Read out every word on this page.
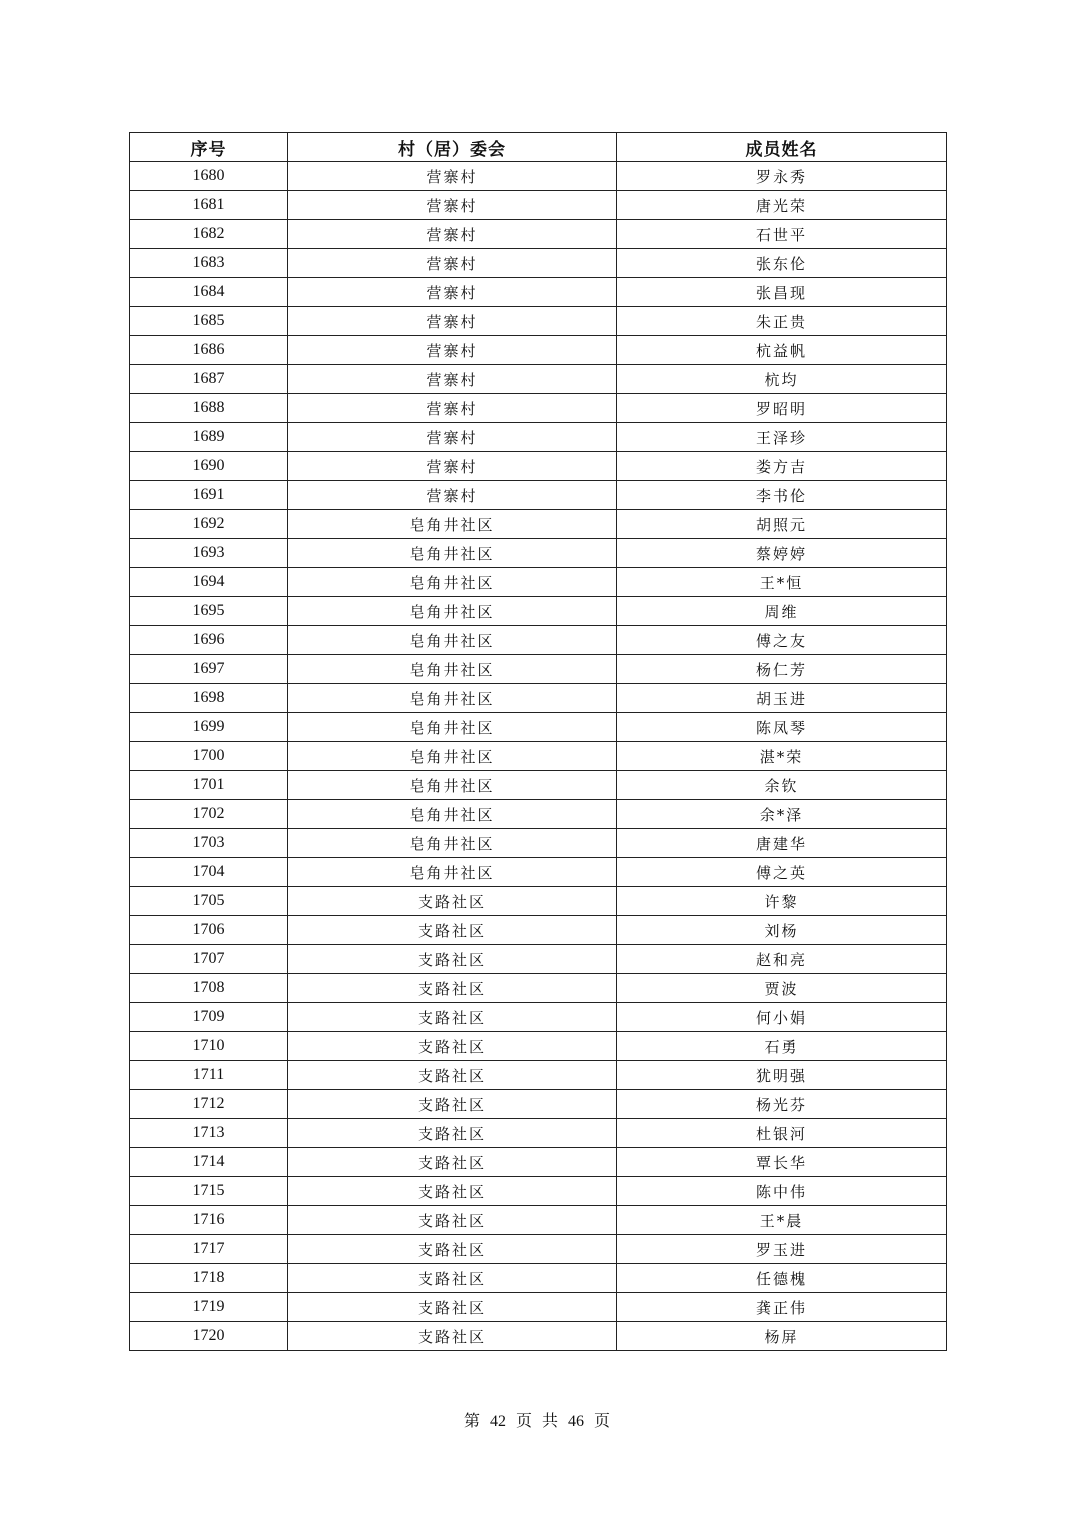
序号	村（居）委会	成员姓名
1680	营寨村	罗永秀
1681	营寨村	唐光荣
1682	营寨村	石世平
1683	营寨村	张东伦
1684	营寨村	张昌现
1685	营寨村	朱正贵
1686	营寨村	杭益帆
1687	营寨村	杭均
1688	营寨村	罗昭明
1689	营寨村	王泽珍
1690	营寨村	娄方吉
1691	营寨村	李书伦
1692	皂角井社区	胡照元
1693	皂角井社区	蔡婷婷
1694	皂角井社区	王*恒
1695	皂角井社区	周维
1696	皂角井社区	傅之友
1697	皂角井社区	杨仁芳
1698	皂角井社区	胡玉进
1699	皂角井社区	陈凤琴
1700	皂角井社区	湛*荣
1701	皂角井社区	余钦
1702	皂角井社区	余*泽
1703	皂角井社区	唐建华
1704	皂角井社区	傅之英
1705	支路社区	许黎
1706	支路社区	刘杨
1707	支路社区	赵和亮
1708	支路社区	贾波
1709	支路社区	何小娟
1710	支路社区	石勇
1711	支路社区	犹明强
1712	支路社区	杨光芬
1713	支路社区	杜银河
1714	支路社区	覃长华
1715	支路社区	陈中伟
1716	支路社区	王*晨
1717	支路社区	罗玉进
1718	支路社区	任德槐
1719	支路社区	龚正伟
1720	支路社区	杨屏
第 42 页 共 46 页
